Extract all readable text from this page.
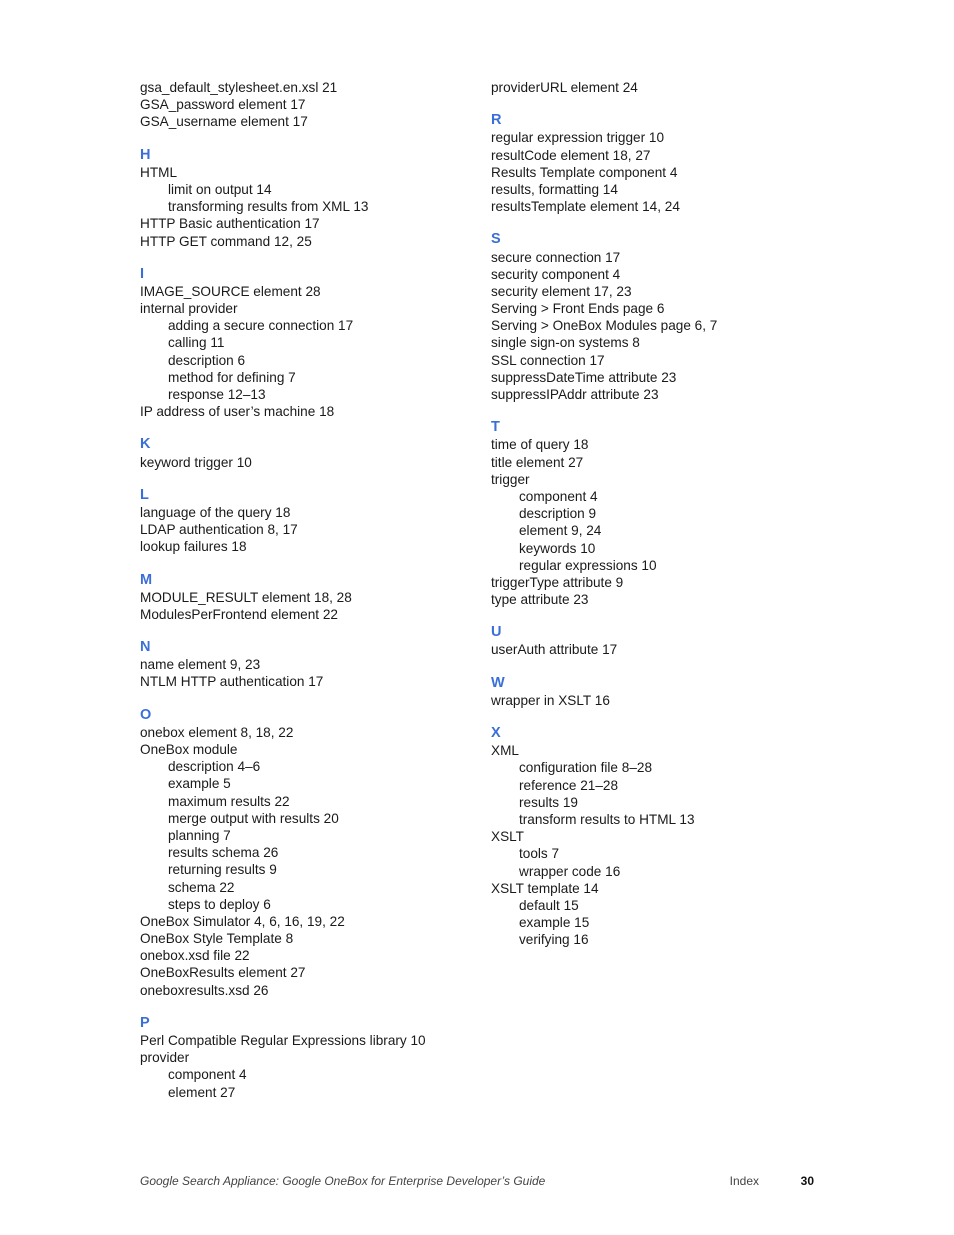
gsa_default_stylesheet.en.xsl 21
GSA_password element 17
GSA_username element 17
H
HTML
limit on output 14
transforming results from XML 13
HTTP Basic authentication 17
HTTP GET command 12, 25
I
IMAGE_SOURCE element 28
internal provider
adding a secure connection 17
calling 11
description 6
method for defining 7
response 12–13
IP address of user’s machine 18
K
keyword trigger 10
L
language of the query 18
LDAP authentication 8, 17
lookup failures 18
M
MODULE_RESULT element 18, 28
ModulesPerFrontend element 22
N
name element 9, 23
NTLM HTTP authentication 17
O
onebox element 8, 18, 22
OneBox module
description 4–6
example 5
maximum results 22
merge output with results 20
planning 7
results schema 26
returning results 9
schema 22
steps to deploy 6
OneBox Simulator 4, 6, 16, 19, 22
OneBox Style Template 8
onebox.xsd file 22
OneBoxResults element 27
oneboxresults.xsd 26
P
Perl Compatible Regular Expressions library 10
provider
component 4
element 27
providerURL element 24
R
regular expression trigger 10
resultCode element 18, 27
Results Template component 4
results, formatting 14
resultsTemplate element 14, 24
S
secure connection 17
security component 4
security element 17, 23
Serving > Front Ends page 6
Serving > OneBox Modules page 6, 7
single sign-on systems 8
SSL connection 17
suppressDateTime attribute 23
suppressIPAddr attribute 23
T
time of query 18
title element 27
trigger
component 4
description 9
element 9, 24
keywords 10
regular expressions 10
triggerType attribute 9
type attribute 23
U
userAuth attribute 17
W
wrapper in XSLT 16
X
XML
configuration file 8–28
reference 21–28
results 19
transform results to HTML 13
XSLT
tools 7
wrapper code 16
XSLT template 14
default 15
example 15
verifying 16
Google Search Appliance: Google OneBox for Enterprise Developer’s Guide	Index	30
